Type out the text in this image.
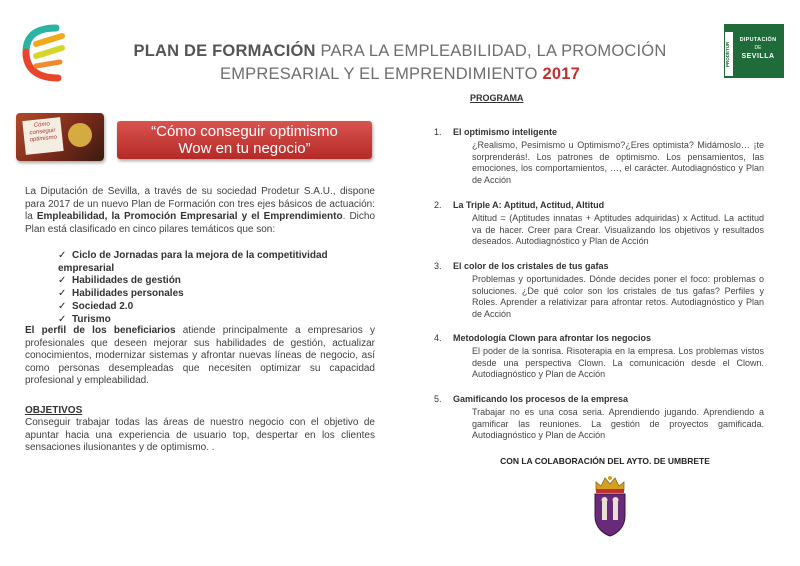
PLAN DE FORMACIÓN PARA LA EMPLEABILIDAD, LA PROMOCIÓN
EMPRESARIAL Y EL EMPRENDIMIENTO 2017
PRODETUR
DIPUTACIÓN
DE
SEVILLA
Cómo conseguir optimismo	“Cómo conseguir optimismo
Wow en tu negocio”

La Diputación de Sevilla, a través de su sociedad Prodetur S.A.U., dispone para 2017 de un nuevo Plan de Formación con tres ejes básicos de actuación: la Empleabilidad, la Promoción Empresarial y el Emprendimiento. Dicho Plan está clasificado en cinco pilares temáticos que son:

✓ Ciclo de Jornadas para la mejora de la competitividad empresarial
✓ Habilidades de gestión
✓ Habilidades personales
✓ Sociedad 2.0
✓ Turismo

El perfil de los beneficiarios atiende principalmente a empresarios y profesionales que deseen mejorar sus habilidades de gestión, actualizar conocimientos, modernizar sistemas y afrontar nuevas líneas de negocio, así como personas desempleadas que necesiten optimizar su capacidad profesional y empleabilidad.

OBJETIVOS

Conseguir trabajar todas las áreas de nuestro negocio con el objetivo de apuntar hacia una experiencia de usuario top, despertar en los clientes sensaciones ilusionantes y de optimismo. .

PROGRAMA
1. El optimismo inteligente

¿Realismo, Pesimismo u Optimismo?¿Eres optimista? Midámoslo… ¡te sorprenderás!. Los patrones de optimismo. Los pensamientos, las emociones, los comportamientos, …, el carácter. Autodiagnóstico y Plan de Acción

2. La Triple A: Aptitud, Actitud, Altitud

Altitud = (Aptitudes innatas + Aptitudes adquiridas) x Actitud. La actitud va de hacer. Creer para Crear. Visualizando los objetivos y resultados deseados. Autodiagnóstico y Plan de Acción

3. El color de los cristales de tus gafas

Problemas y oportunidades. Dónde decides poner el foco: problemas o soluciones. ¿De qué color son los cristales de tus gafas? Perfiles y Roles. Aprender a relativizar para afrontar retos. Autodiagnóstico y Plan de Acción

4. Metodología Clown para afrontar los negocios

El poder de la sonrisa. Risoterapia en la empresa. Los problemas vistos desde una perspectiva Clown. La comunicación desde el Clown. Autodiagnóstico y Plan de Acción

5. Gamificando los procesos de la empresa

Trabajar no es una cosa seria. Aprendiendo jugando. Aprendiendo a gamificar las reuniones. La gestión de proyectos gamificada. Autodiagnóstico y Plan de Acción

CON LA COLABORACIÓN DEL AYTO. DE UMBRETE
